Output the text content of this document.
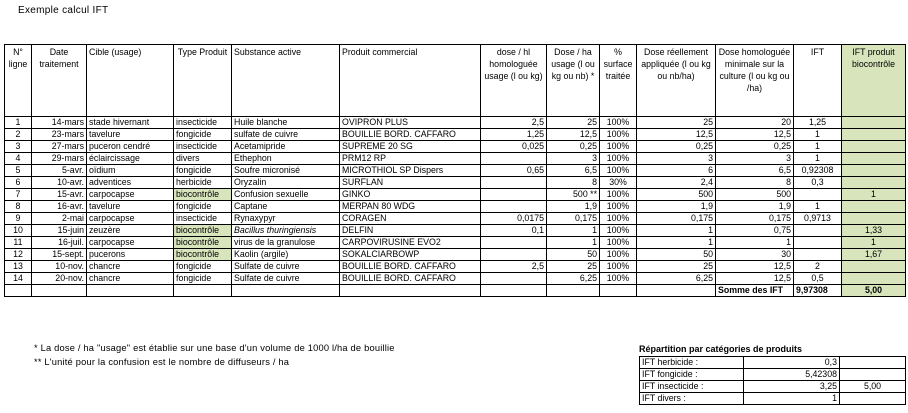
Exemple calcul IFT
N° ligne	Date traitement	Cible (usage)	Type Produit	Substance active	Produit commercial	dose / hl homologuée usage (l ou kg)	Dose / ha usage (l ou kg ou nb) *	% surface traitée	Dose réellement appliquée (l ou kg ou nb/ha)	Dose homologuée minimale sur la culture (l ou kg ou /ha)	IFT	IFT produit biocontrôle
1	14-mars	stade hivernant	insecticide	Huile blanche	OVIPRON PLUS	2,5	25	100%	25	20	1,25	
2	23-mars	tavelure	fongicide	sulfate de cuivre	BOUILLIE BORD. CAFFARO	1,25	12,5	100%	12,5	12,5	1	
3	27-mars	puceron cendré	insecticide	Acetamipride	SUPREME 20 SG	0,025	0,25	100%	0,25	0,25	1	
4	29-mars	éclaircissage	divers	Ethephon	PRM12 RP		3	100%	3	3	1	
5	5-avr.	oïdium	fongicide	Soufre micronisé	MICROTHIOL SP Dispers	0,65	6,5	100%	6	6,5	0,92308	
6	10-avr.	adventices	herbicide	Oryzalin	SURFLAN		8	30%	2,4	8	0,3	
7	15-avr.	carpocapse	biocontrôle	Confusion sexuelle	GINKO		500 **	100%	500	500		1
8	16-avr.	tavelure	fongicide	Captane	MERPAN 80 WDG		1,9	100%	1,9	1,9	1	
9	2-mai	carpocapse	insecticide	Rynaxypyr	CORAGEN	0,0175	0,175	100%	0,175	0,175	0,9713	
10	15-juin	zeuzère	biocontrôle	Bacillus thuringiensis	DELFIN	0,1	1	100%	1	0,75		1,33
11	16-juil.	carpocapse	biocontrôle	virus de la granulose	CARPOVIRUSINE EVO2		1	100%	1	1		1
12	15-sept.	pucerons	biocontrôle	Kaolin (argile)	SOKALCIARBOWP		50	100%	50	30		1,67
13	10-nov.	chancre	fongicide	Sulfate de cuivre	BOUILLIE BORD. CAFFARO	2,5	25	100%	25	12,5	2	
14	20-nov.	chancre	fongicide	Sulfate de cuivre	BOUILLIE BORD. CAFFARO		6,25	100%	6,25	12,5	0,5	
										Somme des IFT	9,97308	5,00
* La dose / ha "usage" est établie sur une base d'un volume de 1000 l/ha de bouillie
** L'unité pour la confusion est le nombre de diffuseurs / ha
Répartition par catégories de produits
IFT herbicide :	0,3	
IFT fongicide :	5,42308	
IFT insecticide :	3,25	5,00
IFT divers :	1	
